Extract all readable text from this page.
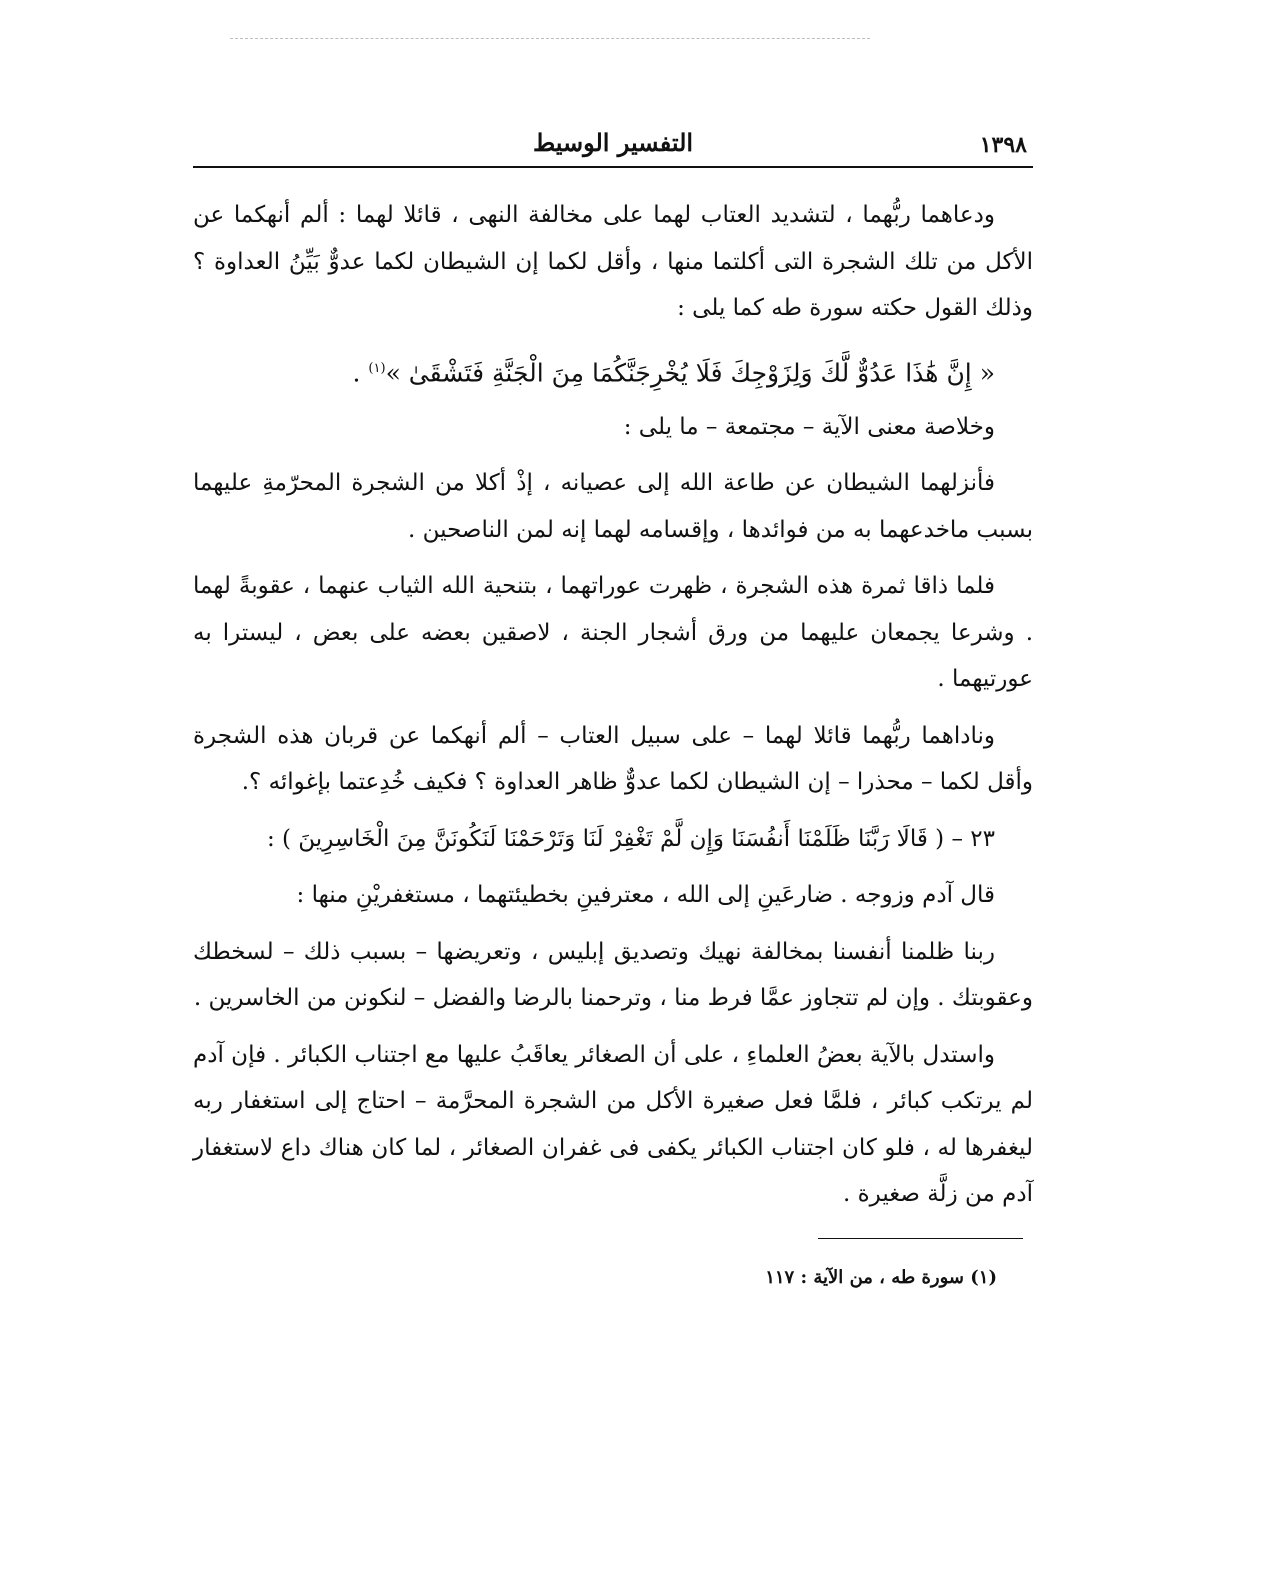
١٣٩٨
التفسير الوسيط

ودعاهما ربُّهما ، لتشديد العتاب لهما على مخالفة النهى ، قائلا لهما : ألم أنهكما عن الأكل من تلك الشجرة التى أكلتما منها ، وأقل لكما إن الشيطان لكما عدوٌّ بَيِّنُ العداوة ؟ وذلك القول حكته سورة طه كما يلى :

« إِنَّ هَٰذَا عَدُوٌّ لَّكَ وَلِزَوْجِكَ فَلَا يُخْرِجَنَّكُمَا مِنَ الْجَنَّةِ فَتَشْقَىٰ »$^{(١)}$ .

وخلاصة معنى الآية – مجتمعة – ما يلى :

فأنزلهما الشيطان عن طاعة الله إلى عصيانه ، إذْ أكلا من الشجرة المحرّمةِ عليهما بسبب ماخدعهما به من فوائدها ، وإقسامه لهما إنه لمن الناصحين .

فلما ذاقا ثمرة هذه الشجرة ، ظهرت عوراتهما ، بتنحية الله الثياب عنهما ، عقوبةً لهما . وشرعا يجمعان عليهما من ورق أشجار الجنة ، لاصقين بعضه على بعض ، ليسترا به عورتيهما .

وناداهما ربُّهما قائلا لهما – على سبيل العتاب – ألم أنهكما عن قربان هذه الشجرة وأقل لكما – محذرا – إن الشيطان لكما عدوٌّ ظاهر العداوة ؟ فكيف خُدِعتما بإغوائه ؟.

٢٣ – ( قَالَا رَبَّنَا ظَلَمْنَا أَنفُسَنَا وَإِن لَّمْ تَغْفِرْ لَنَا وَتَرْحَمْنَا لَنَكُونَنَّ مِنَ الْخَاسِرِينَ ) :

قال آدم وزوجه . ضارعَينِ إلى الله ، معترفينِ بخطيئتهما ، مستغفريْنِ منها :

ربنا ظلمنا أنفسنا بمخالفة نهيك وتصديق إبليس ، وتعريضها – بسبب ذلك – لسخطك وعقوبتك . وإن لم تتجاوز عمَّا فرط منا ، وترحمنا بالرضا والفضل – لنكونن من الخاسرين .

واستدل بالآية بعضُ العلماءِ ، على أن الصغائر يعاقَبُ عليها مع اجتناب الكبائر . فإن آدم لم يرتكب كبائر ، فلمَّا فعل صغيرة الأكل من الشجرة المحرَّمة – احتاج إلى استغفار ربه ليغفرها له ، فلو كان اجتناب الكبائر يكفى فى غفران الصغائر ، لما كان هناك داع لاستغفار آدم من زلَّة صغيرة .

(١) سورة طه ، من الآية : ١١٧
